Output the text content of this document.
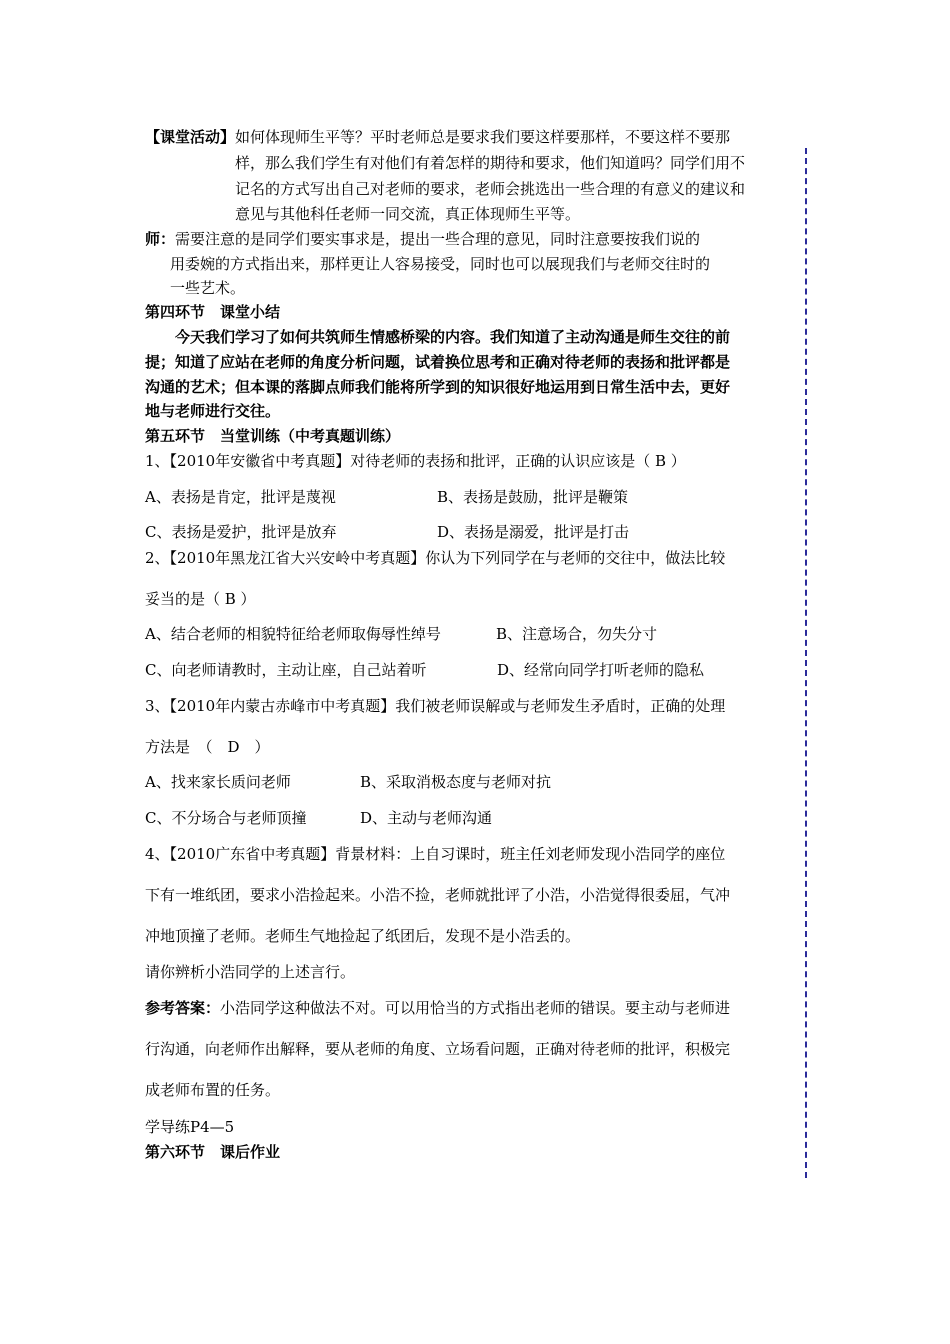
【课堂活动】如何体现师生平等？平时老师总是要求我们要这样要那样，不要这样不要那
样，那么我们学生有对他们有着怎样的期待和要求，他们知道吗？同学们用不
记名的方式写出自己对老师的要求，老师会挑选出一些合理的有意义的建议和
意见与其他科任老师一同交流，真正体现师生平等。
师：需要注意的是同学们要实事求是，提出一些合理的意见，同时注意要按我们说的
用委婉的方式指出来，那样更让人容易接受，同时也可以展现我们与老师交往时的
一些艺术。
第四环节　课堂小结
今天我们学习了如何共筑师生情感桥梁的内容。我们知道了主动沟通是师生交往的前
提；知道了应站在老师的角度分析问题，试着换位思考和正确对待老师的表扬和批评都是
沟通的艺术；但本课的落脚点师我们能将所学到的知识很好地运用到日常生活中去，更好
地与老师进行交往。
第五环节　当堂训练（中考真题训练）
1、【2010年安徽省中考真题】对待老师的表扬和批评，正确的认识应该是（ B ）
A、表扬是肯定，批评是蔑视	B、表扬是鼓励，批评是鞭策
C、表扬是爱护，批评是放弃	D、表扬是溺爱，批评是打击
2、【2010年黑龙江省大兴安岭中考真题】你认为下列同学在与老师的交往中，做法比较
妥当的是（ B ）
A、结合老师的相貌特征给老师取侮辱性绰号	B、注意场合，勿失分寸
C、向老师请教时，主动让座，自己站着听	D、经常向同学打听老师的隐私
3、【2010年内蒙古赤峰市中考真题】我们被老师误解或与老师发生矛盾时，正确的处理
方法是　（　D　）
A、找来家长质问老师	B、采取消极态度与老师对抗
C、不分场合与老师顶撞	D、主动与老师沟通
4、【2010广东省中考真题】背景材料：上自习课时，班主任刘老师发现小浩同学的座位
下有一堆纸团，要求小浩捡起来。小浩不捡，老师就批评了小浩，小浩觉得很委屈，气冲
冲地顶撞了老师。老师生气地捡起了纸团后，发现不是小浩丢的。
请你辨析小浩同学的上述言行。
参考答案：小浩同学这种做法不对。可以用恰当的方式指出老师的错误。要主动与老师进
行沟通，向老师作出解释，要从老师的角度、立场看问题，正确对待老师的批评，积极完
成老师布置的任务。
学导练P4—5
第六环节　课后作业
